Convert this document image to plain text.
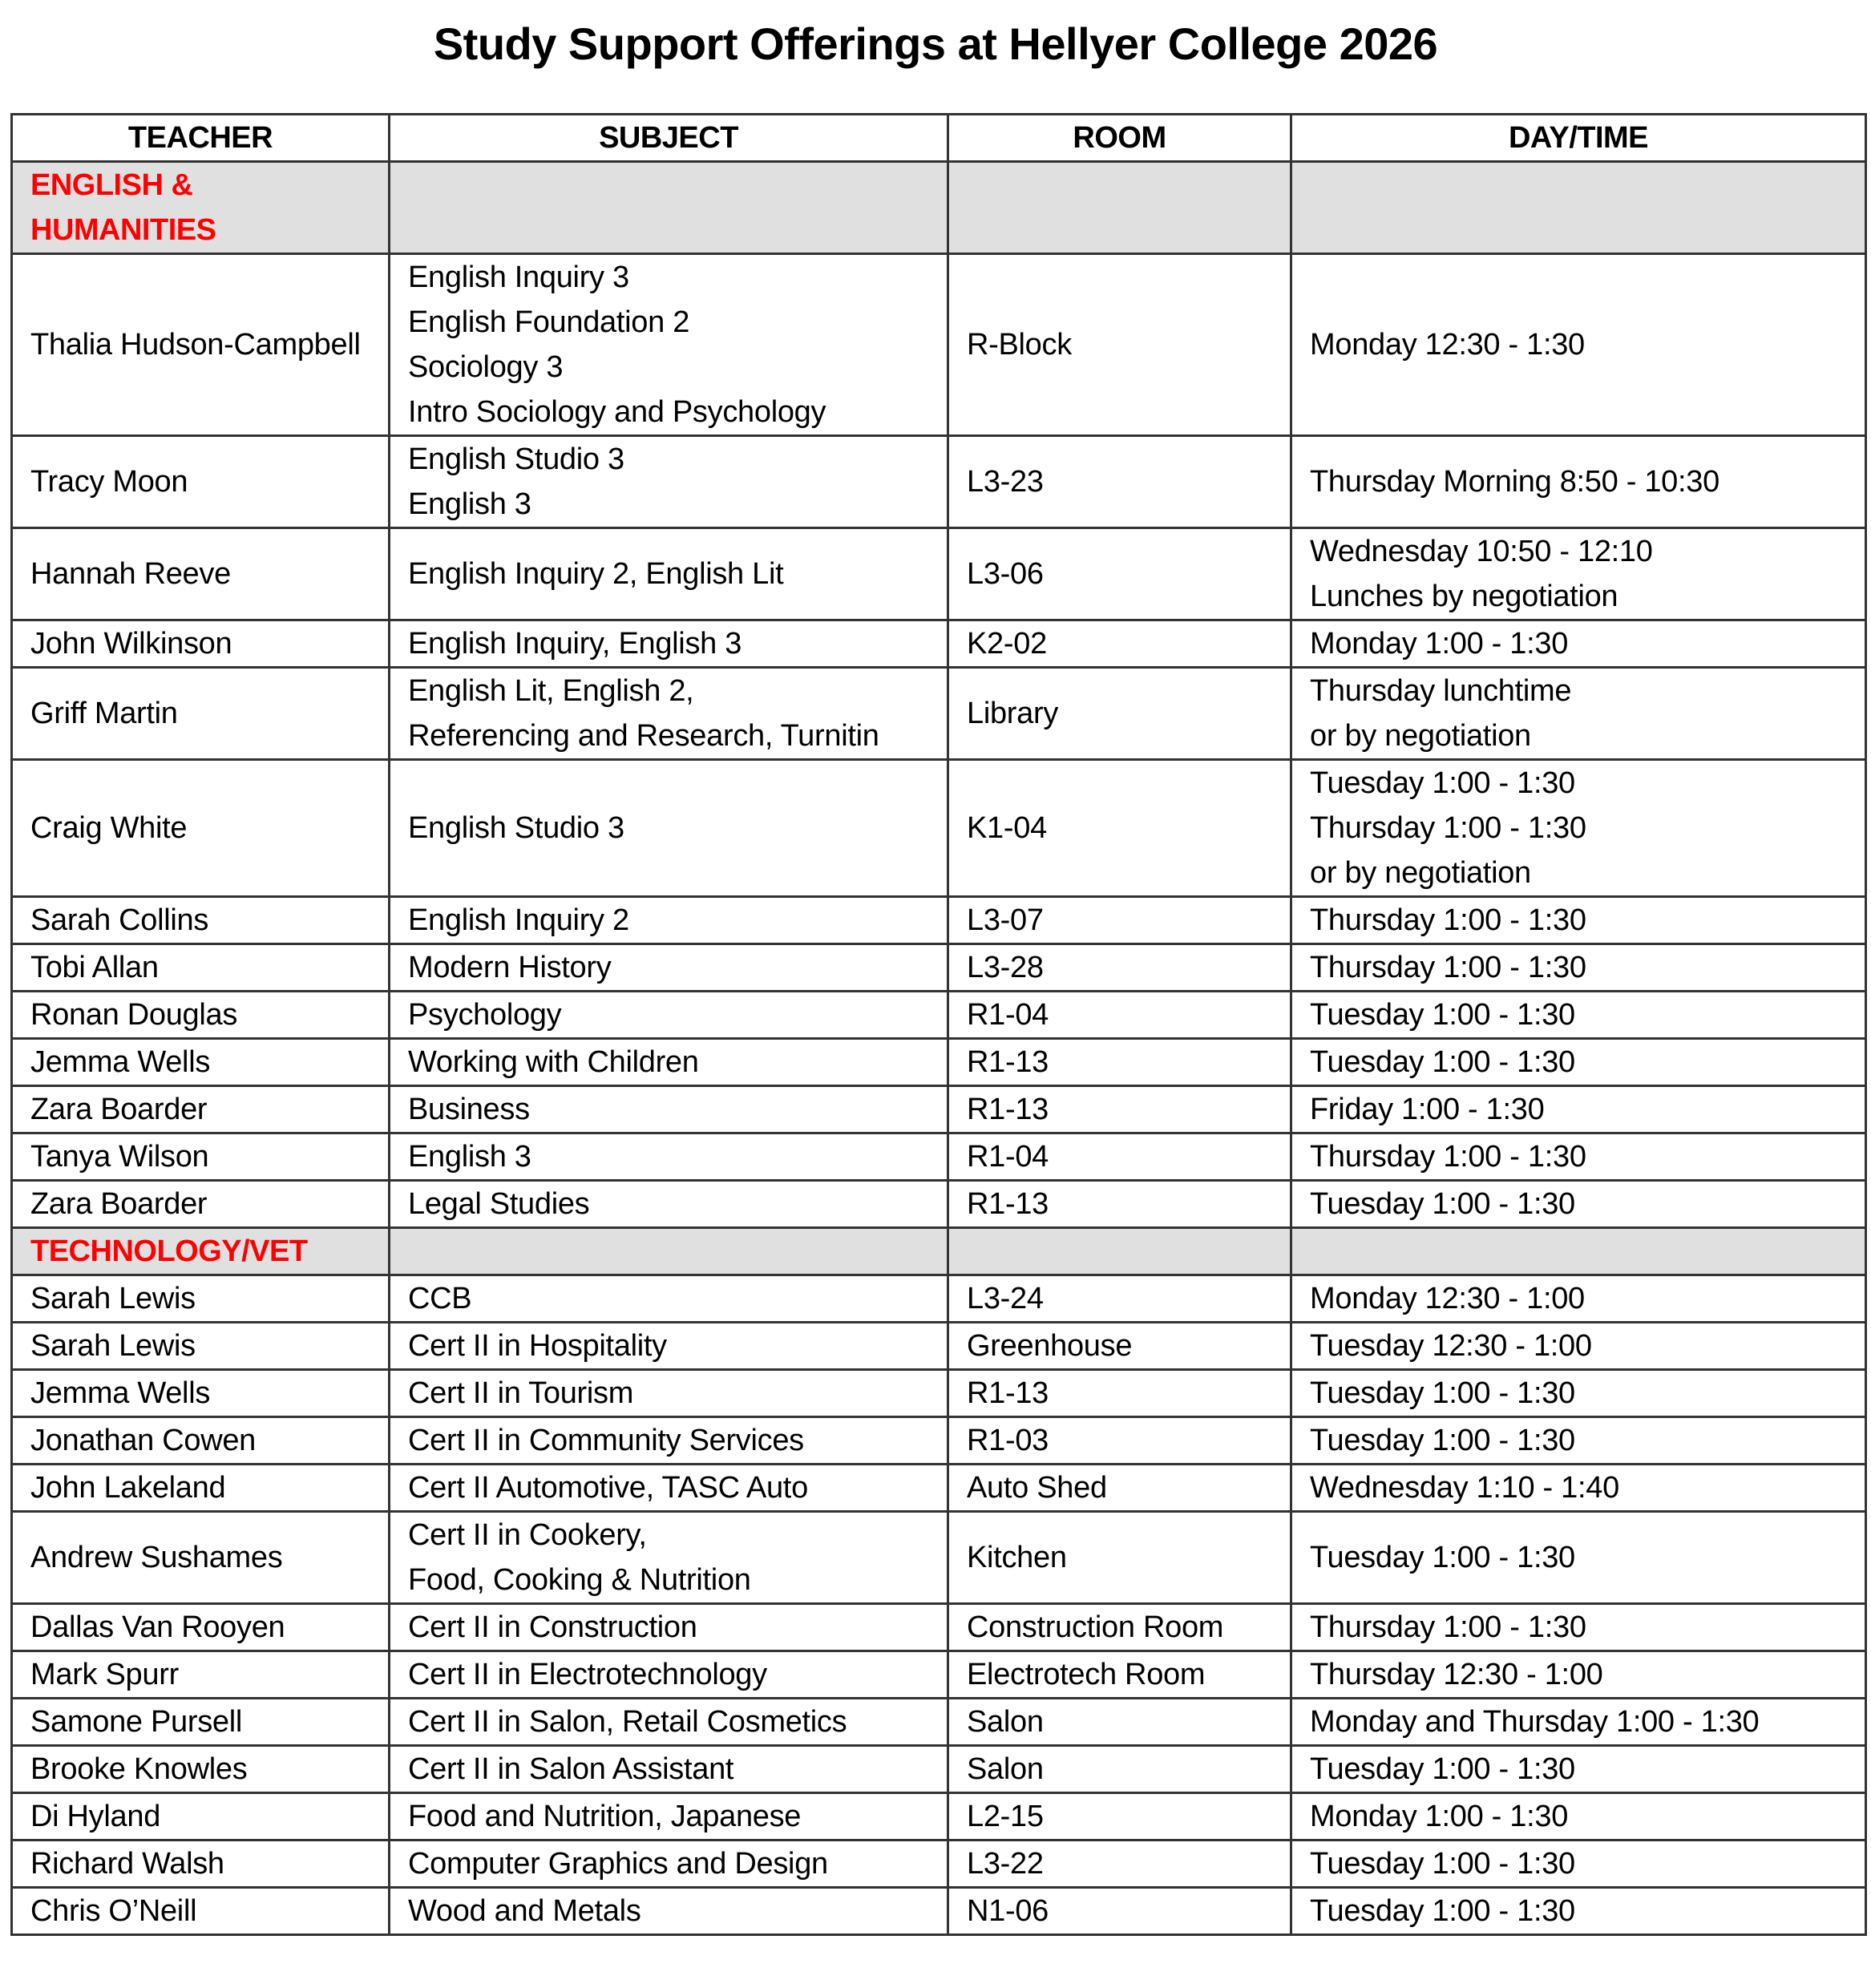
Study Support Offerings at Hellyer College 2026
TEACHER	SUBJECT	ROOM	DAY/TIME

ENGLISH &
HUMANITIES			

Thalia Hudson-Campbell	English Inquiry 3
English Foundation 2
Sociology 3
Intro Sociology and Psychology	R-Block	Monday 12:30 - 1:30

Tracy Moon	English Studio 3
English 3	L3-23	Thursday Morning 8:50 - 10:30

Hannah Reeve	English Inquiry 2, English Lit	L3-06	Wednesday 10:50 - 12:10
Lunches by negotiation

John Wilkinson	English Inquiry, English 3	K2-02	Monday 1:00 - 1:30

Griff Martin	English Lit, English 2,
Referencing and Research, Turnitin	Library	Thursday lunchtime
or by negotiation

Craig White	English Studio 3	K1-04	Tuesday 1:00 - 1:30
Thursday 1:00 - 1:30
or by negotiation

Sarah Collins	English Inquiry 2	L3-07	Thursday 1:00 - 1:30

Tobi Allan	Modern History	L3-28	Thursday 1:00 - 1:30

Ronan Douglas	Psychology	R1-04	Tuesday 1:00 - 1:30

Jemma Wells	Working with Children	R1-13	Tuesday 1:00 - 1:30

Zara Boarder	Business	R1-13	Friday 1:00 - 1:30

Tanya Wilson	English 3	R1-04	Thursday 1:00 - 1:30

Zara Boarder	Legal Studies	R1-13	Tuesday 1:00 - 1:30

TECHNOLOGY/VET			

Sarah Lewis	CCB	L3-24	Monday 12:30 - 1:00

Sarah Lewis	Cert II in Hospitality	Greenhouse	Tuesday 12:30 - 1:00

Jemma Wells	Cert II in Tourism	R1-13	Tuesday 1:00 - 1:30

Jonathan Cowen	Cert II in Community Services	R1-03	Tuesday 1:00 - 1:30

John Lakeland	Cert II Automotive, TASC Auto	Auto Shed	Wednesday 1:10 - 1:40

Andrew Sushames	Cert II in Cookery,
Food, Cooking & Nutrition	Kitchen	Tuesday 1:00 - 1:30

Dallas Van Rooyen	Cert II in Construction	Construction Room	Thursday 1:00 - 1:30

Mark Spurr	Cert II in Electrotechnology	Electrotech Room	Thursday 12:30 - 1:00

Samone Pursell	Cert II in Salon, Retail Cosmetics	Salon	Monday and Thursday 1:00 - 1:30

Brooke Knowles	Cert II in Salon Assistant	Salon	Tuesday 1:00 - 1:30

Di Hyland	Food and Nutrition, Japanese	L2-15	Monday 1:00 - 1:30

Richard Walsh	Computer Graphics and Design	L3-22	Tuesday 1:00 - 1:30

Chris O’Neill	Wood and Metals	N1-06	Tuesday 1:00 - 1:30
